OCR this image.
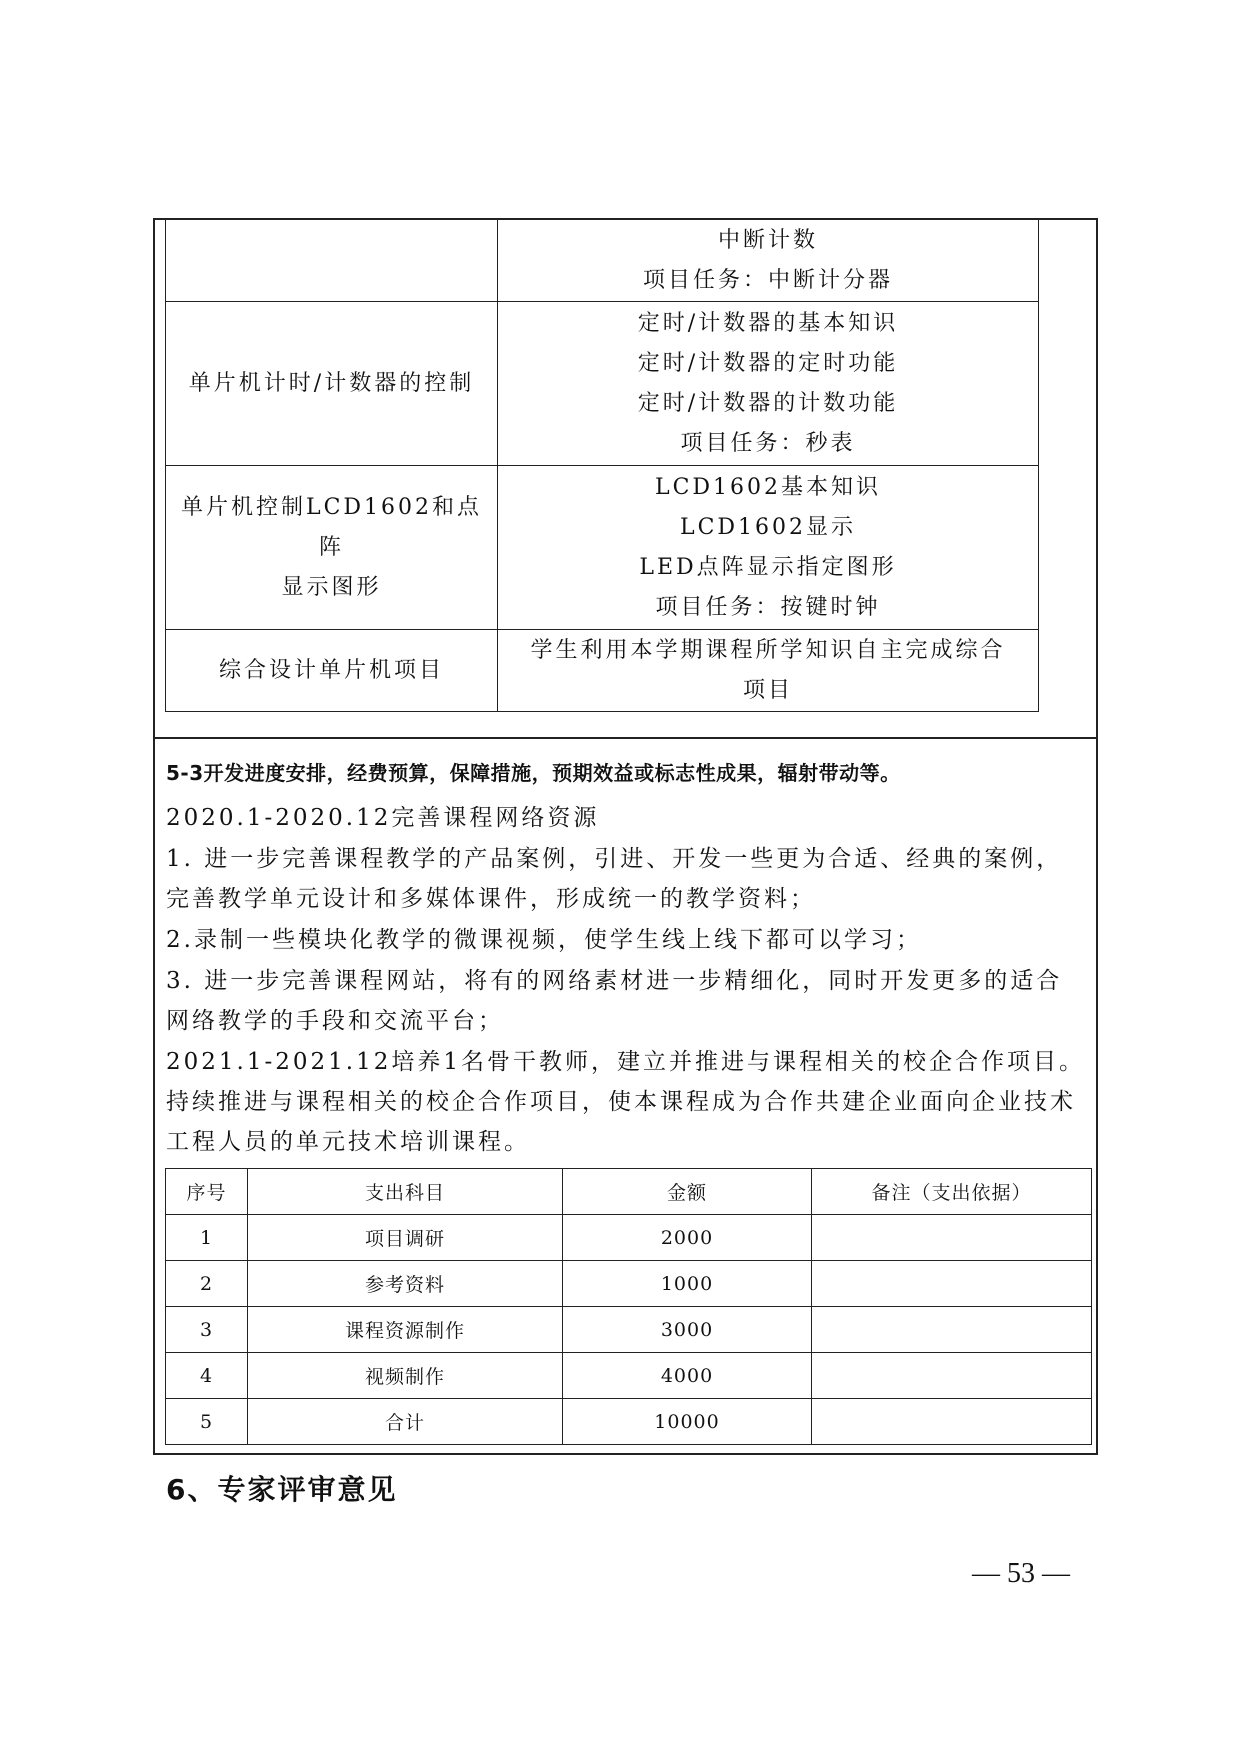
	中断计数
项目任务：中断计分器

单片机计时/计数器的控制	定时/计数器的基本知识
定时/计数器的定时功能
定时/计数器的计数功能
项目任务：秒表

单片机控制LCD1602和点阵
显示图形	LCD1602基本知识
LCD1602显示
LED点阵显示指定图形
项目任务：按键时钟

综合设计单片机项目	学生利用本学期课程所学知识自主完成综合
项目
5-3开发进度安排，经费预算，保障措施，预期效益或标志性成果，辐射带动等。

2020.1-2020.12完善课程网络资源

1. 进一步完善课程教学的产品案例，引进、开发一些更为合适、经典的案例，完善教学单元设计和多媒体课件，形成统一的教学资料；

2.录制一些模块化教学的微课视频，使学生线上线下都可以学习；

3. 进一步完善课程网站，将有的网络素材进一步精细化，同时开发更多的适合网络教学的手段和交流平台；

2021.1-2021.12培养1名骨干教师，建立并推进与课程相关的校企合作项目。持续推进与课程相关的校企合作项目，使本课程成为合作共建企业面向企业技术工程人员的单元技术培训课程。

序号	支出科目	金额	备注（支出依据）
1	项目调研	2000	
2	参考资料	1000	
3	课程资源制作	3000	
4	视频制作	4000	
5	合计	10000	
6、专家评审意见
— 53 —
